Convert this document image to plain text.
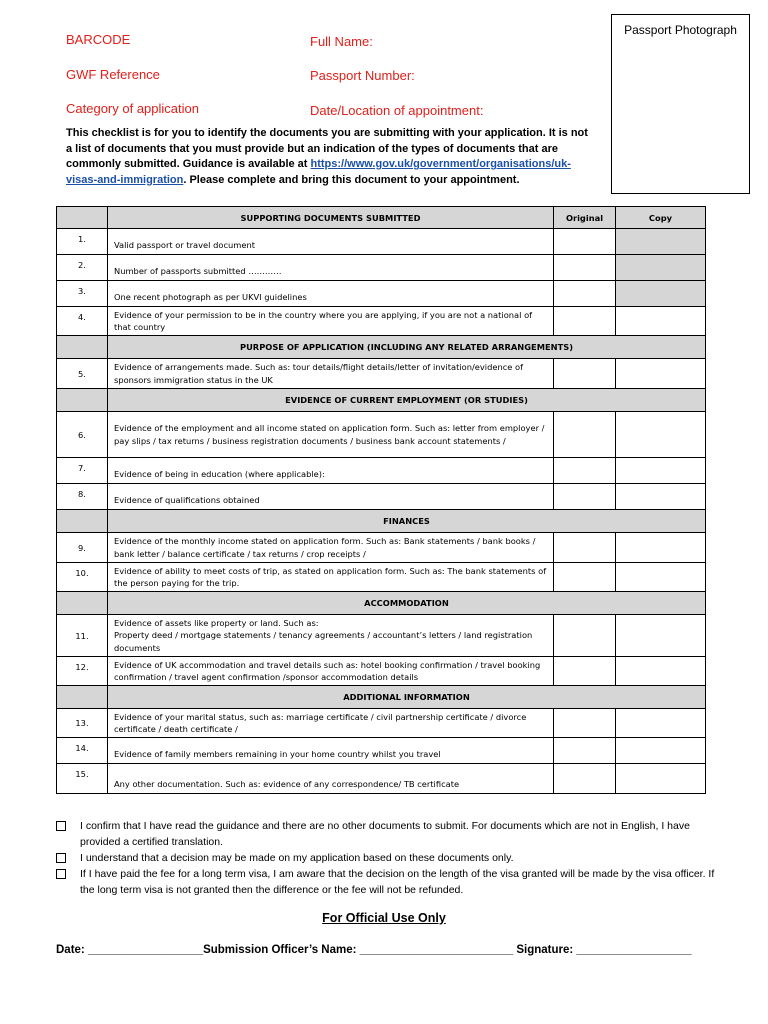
BARCODE
GWF Reference
Category of application
Full Name:
Passport Number:
Date/Location of appointment:
Passport Photograph
This checklist is for you to identify the documents you are submitting with your application. It is not a list of documents that you must provide but an indication of the types of documents that are commonly submitted. Guidance is available at https://www.gov.uk/government/organisations/uk-visas-and-immigration. Please complete and bring this document to your appointment.
	SUPPORTING DOCUMENTS SUBMITTED	Original	Copy
1.	Valid passport or travel document		
2.	Number of passports submitted …………		
3.	One recent photograph as per UKVI guidelines		
4.	Evidence of your permission to be in the country where you are applying, if you are not a national of that country		
	PURPOSE OF APPLICATION (INCLUDING ANY RELATED ARRANGEMENTS)		
5.	Evidence of arrangements made. Such as: tour details/flight details/letter of invitation/evidence of sponsors immigration status in the UK		
	EVIDENCE OF CURRENT EMPLOYMENT (OR STUDIES)		
6.	Evidence of the employment and all income stated on application form. Such as: letter from employer / pay slips / tax returns / business registration documents / business bank account statements /		
7.	Evidence of being in education (where applicable):		
8.	Evidence of qualifications obtained		
	FINANCES		
9.	Evidence of the monthly income stated on application form. Such as: Bank statements / bank books / bank letter / balance certificate / tax returns / crop receipts /		
10.	Evidence of ability to meet costs of trip, as stated on application form. Such as: The bank statements of the person paying for the trip.		
	ACCOMMODATION		
11.	Evidence of assets like property or land. Such as:
Property deed / mortgage statements / tenancy agreements / accountant’s letters / land registration documents		
12.	Evidence of UK accommodation and travel details such as: hotel booking confirmation / travel booking confirmation / travel agent confirmation /sponsor accommodation details		
	ADDITIONAL INFORMATION		
13.	Evidence of your marital status, such as: marriage certificate / civil partnership certificate / divorce certificate / death certificate /		
14.	Evidence of family members remaining in your home country whilst you travel		
15.	Any other documentation. Such as: evidence of any correspondence/ TB certificate		
I confirm that I have read the guidance and there are no other documents to submit. For documents which are not in English, I have provided a certified translation.
I understand that a decision may be made on my application based on these documents only.
If I have paid the fee for a long term visa, I am aware that the decision on the length of the visa granted will be made by the visa officer. If the long term visa is not granted then the difference or the fee will not be refunded.
For Official Use Only
Date: __________________Submission Officer’s Name: ________________________ Signature: __________________
